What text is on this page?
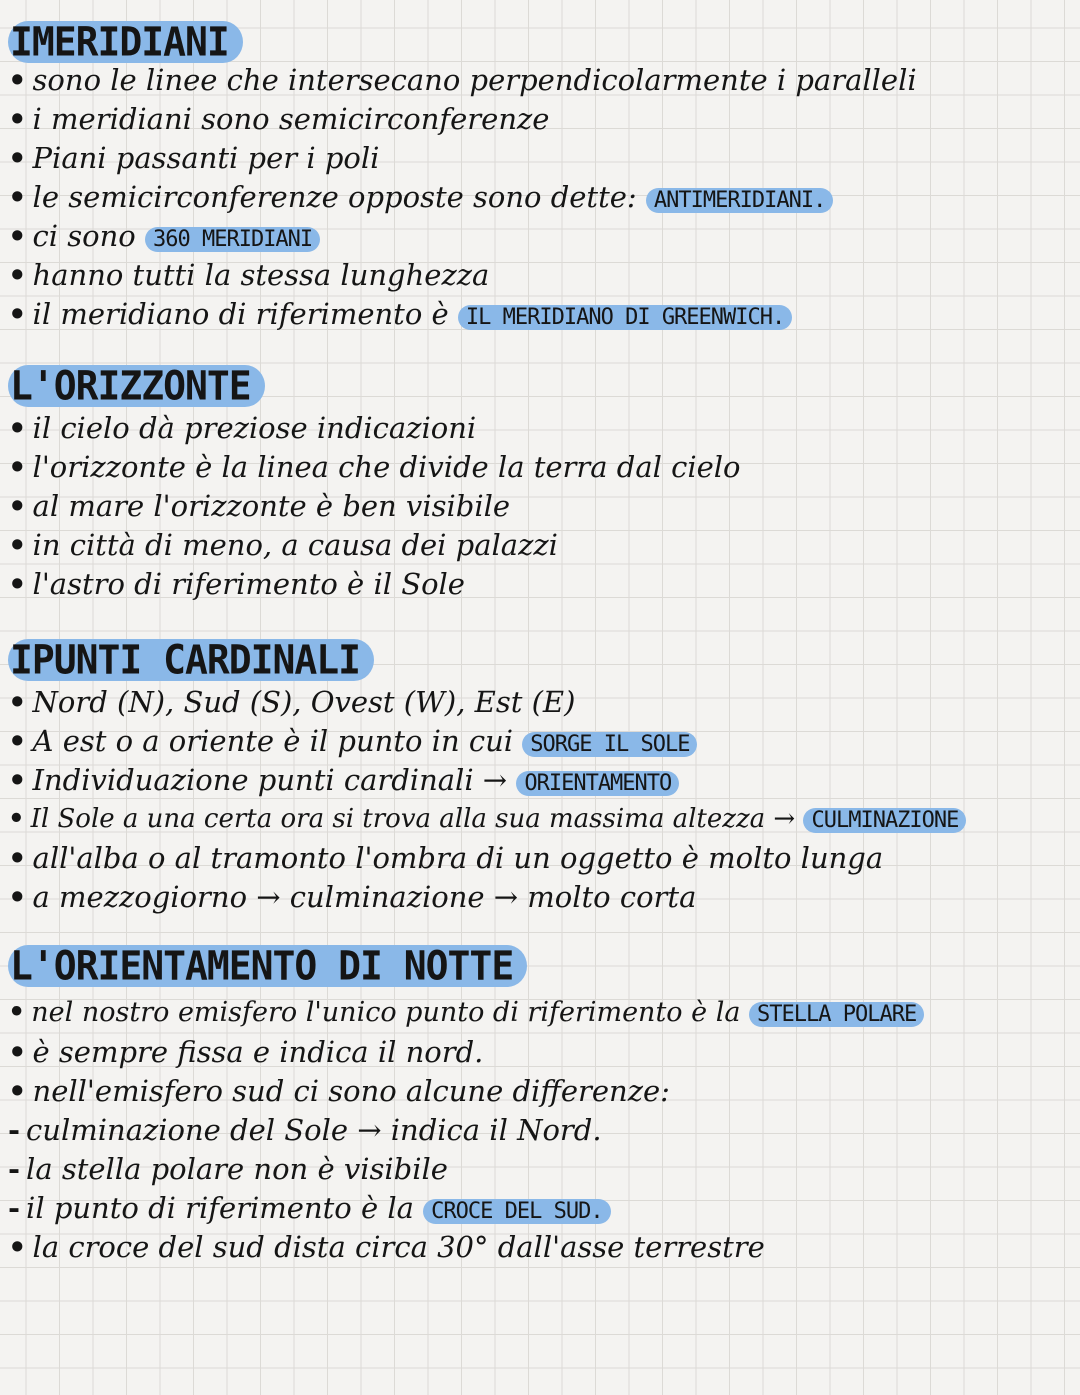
IMERIDIANI
• sono le linee che intersecano perpendicolarmente i paralleli
• i meridiani sono semicirconferenze
• Piani passanti per i poli
• le semicirconferenze opposte sono dette: ANTIMERIDIANI.
• ci sono 360 MERIDIANI
• hanno tutti la stessa lunghezza
• il meridiano di riferimento è IL MERIDIANO DI GREENWICH.
L'ORIZZONTE
• il cielo dà preziose indicazioni
• l'orizzonte è la linea che divide la terra dal cielo
• al mare l'orizzonte è ben visibile
• in città di meno, a causa dei palazzi
• l'astro di riferimento è il Sole
IPUNTI CARDINALI
• Nord (N), Sud (S), Ovest (W), Est (E)
• A est o a oriente è il punto in cui SORGE IL SOLE
• Individuazione punti cardinali → ORIENTAMENTO
• Il Sole a una certa ora si trova alla sua massima altezza → CULMINAZIONE
• all'alba o al tramonto l'ombra di un oggetto è molto lunga
• a mezzogiorno → culminazione → molto corta
L'ORIENTAMENTO DI NOTTE
• nel nostro emisfero l'unico punto di riferimento è la STELLA POLARE
• è sempre fissa e indica il nord.
• nell'emisfero sud ci sono alcune differenze:
- culminazione del Sole → indica il Nord.
- la stella polare non è visibile
- il punto di riferimento è la CROCE DEL SUD.
• la croce del sud dista circa 30° dall'asse terrestre
